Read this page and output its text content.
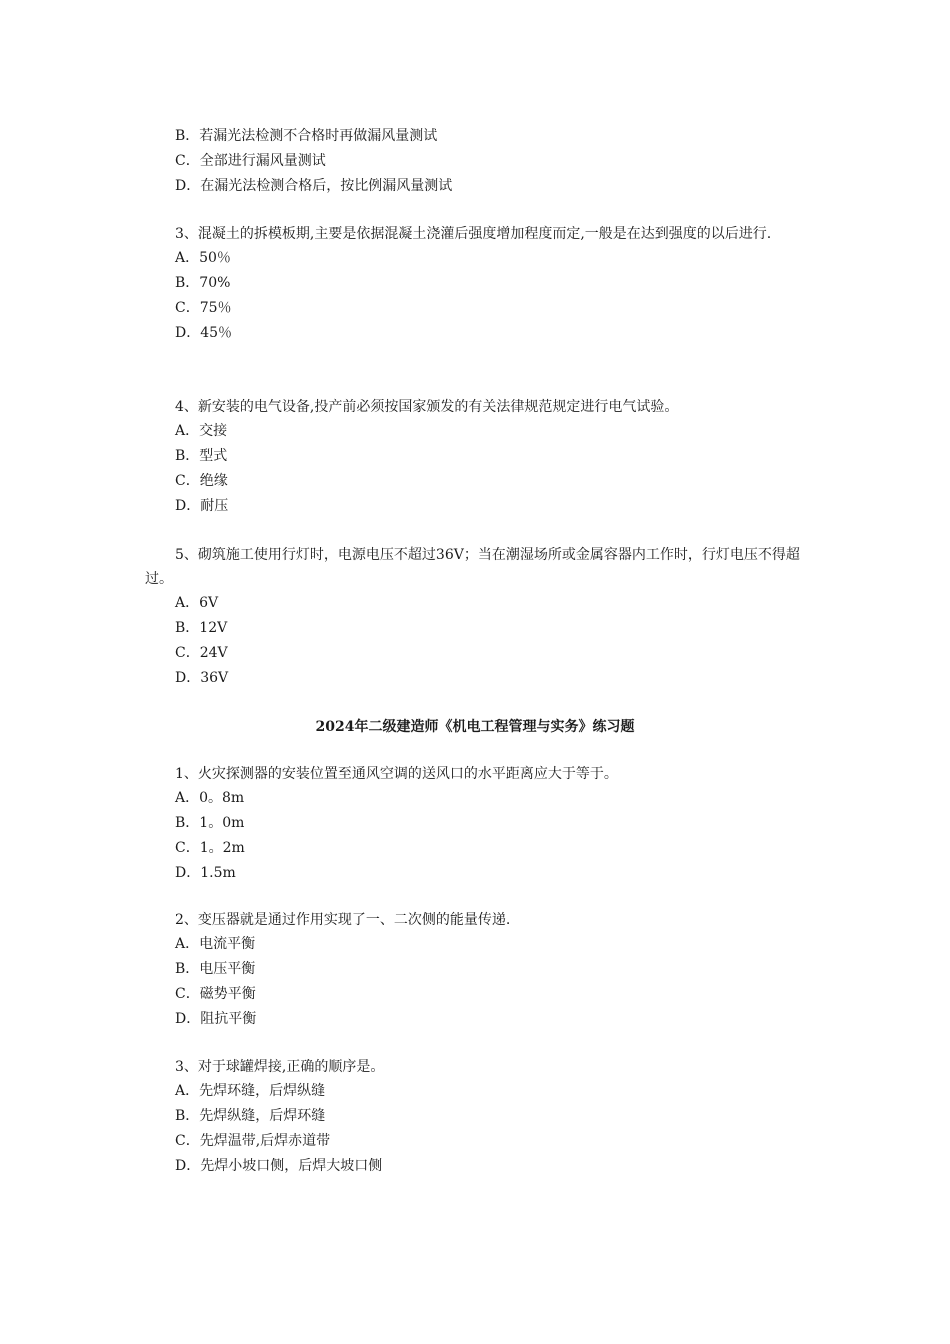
B．若漏光法检测不合格时再做漏风量测试
C．全部进行漏风量测试
D．在漏光法检测合格后，按比例漏风量测试
3、混凝土的拆模板期,主要是依据混凝土浇灌后强度增加程度而定,一般是在达到强度的以后进行.
A．50％
B．70%
C．75％
D．45％
4、新安装的电气设备,投产前必须按国家颁发的有关法律规范规定进行电气试验。
A．交接
B．型式
C．绝缘
D．耐压
5、砌筑施工使用行灯时，电源电压不超过36V；当在潮湿场所或金属容器内工作时，行灯电压不得超过。
A．6V
B．12V
C．24V
D．36V
2024年二级建造师《机电工程管理与实务》练习题
1、火灾探测器的安装位置至通风空调的送风口的水平距离应大于等于。
A．0。8m
B．1。0m
C．1。2m
D．1.5m
2、变压器就是通过作用实现了一、二次侧的能量传递.
A．电流平衡
B．电压平衡
C．磁势平衡
D．阻抗平衡
3、对于球罐焊接,正确的顺序是。
A．先焊环缝，后焊纵缝
B．先焊纵缝，后焊环缝
C．先焊温带,后焊赤道带
D．先焊小坡口侧，后焊大坡口侧
